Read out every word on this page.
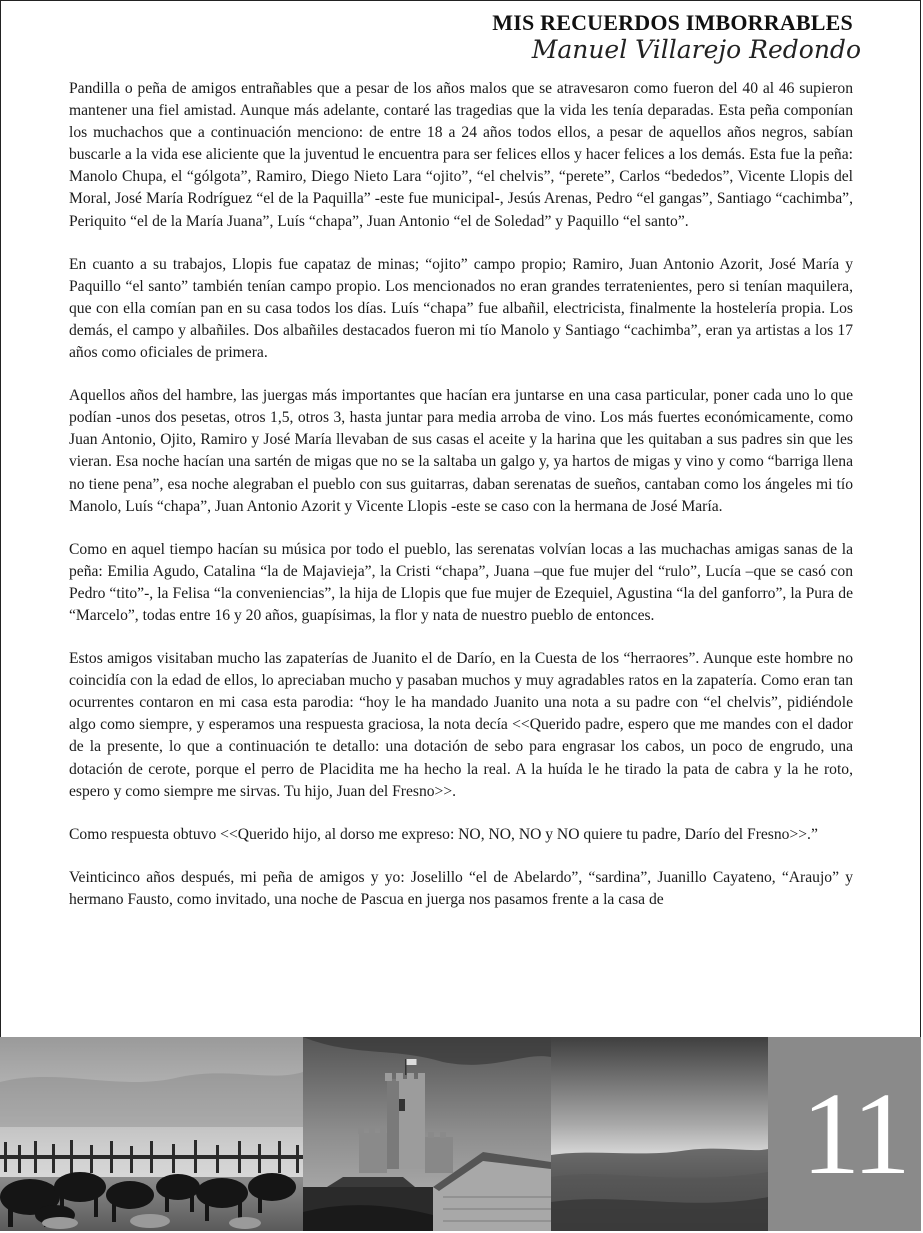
MIS RECUERDOS IMBORRABLES
Manuel Villarejo Redondo

Pandilla o peña de amigos entrañables que a pesar de los años malos que se atravesaron como fueron del 40 al 46 supieron mantener una fiel amistad. Aunque más adelante, contaré las tragedias que la vida les tenía deparadas. Esta peña componían los muchachos que a continuación menciono: de entre 18 a 24 años todos ellos, a pesar de aquellos años negros, sabían buscarle a la vida ese aliciente que la juventud le encuentra para ser felices ellos y hacer felices a los demás. Esta fue la peña: Manolo Chupa, el “gólgota”, Ramiro, Diego Nieto Lara “ojito”, “el chelvis”, “perete”, Carlos “bededos”, Vicente Llopis del Moral, José María Rodríguez “el de la Paquilla” -este fue municipal-, Jesús Arenas, Pedro “el gangas”, Santiago “cachimba”, Periquito “el de la María Juana”, Luís “chapa”, Juan Antonio “el de Soledad” y Paquillo “el santo”.

En cuanto a su trabajos, Llopis fue capataz de minas; “ojito” campo propio; Ramiro, Juan Antonio Azorit, José María y Paquillo “el santo” también tenían campo propio. Los mencionados no eran grandes terratenientes, pero si tenían maquilera, que con ella comían pan en su casa todos los días. Luís “chapa” fue albañil, electricista, finalmente la hostelería propia. Los demás, el campo y albañiles. Dos albañiles destacados fueron mi tío Manolo y Santiago “cachimba”, eran ya artistas a los 17 años como oficiales de primera.

Aquellos años del hambre, las juergas más importantes que hacían era juntarse en una casa particular, poner cada uno lo que podían -unos dos pesetas, otros 1,5, otros 3, hasta juntar para media arroba de vino. Los más fuertes económicamente, como Juan Antonio, Ojito, Ramiro y José María llevaban de sus casas el aceite y la harina que les quitaban a sus padres sin que les vieran. Esa noche hacían una sartén de migas que no se la saltaba un galgo y, ya hartos de migas y vino y como “barriga llena no tiene pena”, esa noche alegraban el pueblo con sus guitarras, daban serenatas de sueños, cantaban como los ángeles mi tío Manolo, Luís “chapa”, Juan Antonio Azorit y Vicente Llopis -este se caso con la hermana de José María.

Como en aquel tiempo hacían su música por todo el pueblo, las serenatas volvían locas a las muchachas amigas sanas de la peña: Emilia Agudo, Catalina “la de Majavieja”, la Cristi “chapa”, Juana –que fue mujer del “rulo”, Lucía –que se casó con Pedro “tito”-, la Felisa “la conveniencias”, la hija de Llopis que fue mujer de Ezequiel, Agustina “la del ganforro”, la Pura de “Marcelo”, todas entre 16 y 20 años, guapísimas, la flor y nata de nuestro pueblo de entonces.

Estos amigos visitaban mucho las zapaterías de Juanito el de Darío, en la Cuesta de los “herraores”. Aunque este hombre no coincidía con la edad de ellos, lo apreciaban mucho y pasaban muchos y muy agradables ratos en la zapatería. Como eran tan ocurrentes contaron en mi casa esta parodia: “hoy le ha mandado Juanito una nota a su padre con “el chelvis”, pidiéndole algo como siempre, y esperamos una respuesta graciosa, la nota decía <<Querido padre, espero que me mandes con el dador de la presente, lo que a continuación te detallo: una dotación de sebo para engrasar los cabos, un poco de engrudo, una dotación de cerote, porque el perro de Placidita me ha hecho la real. A la huída le he tirado la pata de cabra y la he roto, espero y como siempre me sirvas. Tu hijo, Juan del Fresno>>.

Como respuesta obtuvo <<Querido hijo, al dorso me expreso: NO, NO, NO y NO quiere tu padre, Darío del Fresno>>.”

Veinticinco años después, mi peña de amigos y yo: Joselillo “el de Abelardo”, “sardina”, Juanillo Cayateno, “Araujo” y hermano Fausto, como invitado, una noche de Pascua en juerga nos pasamos frente a la casa de

11
